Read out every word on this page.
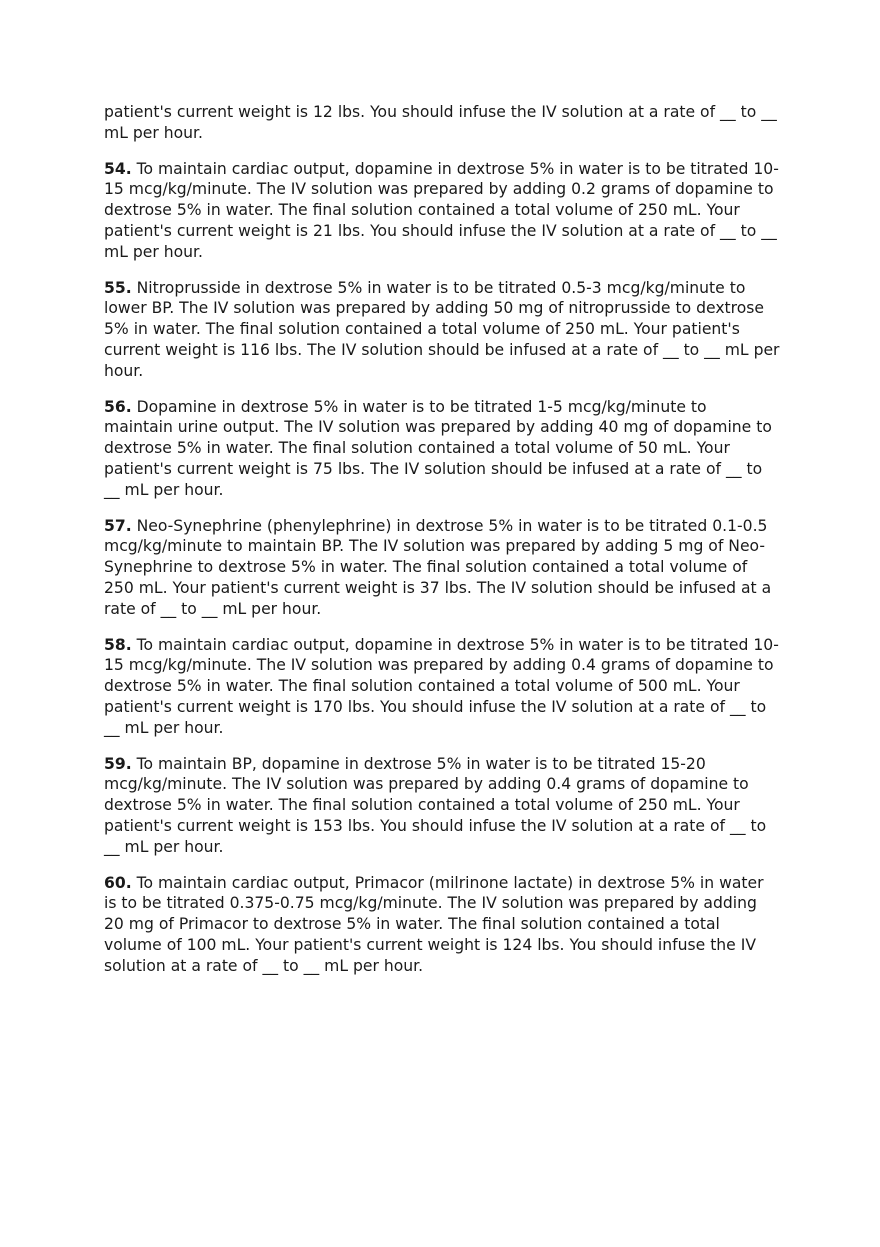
patient's current weight is 12 lbs. You should infuse the IV solution at a rate of __ to __ mL per hour.

54. To maintain cardiac output, dopamine in dextrose 5% in water is to be titrated 10-15 mcg/kg/minute. The IV solution was prepared by adding 0.2 grams of dopamine to dextrose 5% in water. The final solution contained a total volume of 250 mL. Your patient's current weight is 21 lbs. You should infuse the IV solution at a rate of __ to __ mL per hour.

55. Nitroprusside in dextrose 5% in water is to be titrated 0.5-3 mcg/kg/minute to lower BP. The IV solution was prepared by adding 50 mg of nitroprusside to dextrose 5% in water. The final solution contained a total volume of 250 mL. Your patient's current weight is 116 lbs. The IV solution should be infused at a rate of __ to __ mL per hour.

56. Dopamine in dextrose 5% in water is to be titrated 1-5 mcg/kg/minute to maintain urine output. The IV solution was prepared by adding 40 mg of dopamine to dextrose 5% in water. The final solution contained a total volume of 50 mL. Your patient's current weight is 75 lbs. The IV solution should be infused at a rate of __ to __ mL per hour.

57. Neo-Synephrine (phenylephrine) in dextrose 5% in water is to be titrated 0.1-0.5 mcg/kg/minute to maintain BP. The IV solution was prepared by adding 5 mg of Neo-Synephrine to dextrose 5% in water. The final solution contained a total volume of 250 mL. Your patient's current weight is 37 lbs. The IV solution should be infused at a rate of __ to __ mL per hour.

58. To maintain cardiac output, dopamine in dextrose 5% in water is to be titrated 10-15 mcg/kg/minute. The IV solution was prepared by adding 0.4 grams of dopamine to dextrose 5% in water. The final solution contained a total volume of 500 mL. Your patient's current weight is 170 lbs. You should infuse the IV solution at a rate of __ to __ mL per hour.

59. To maintain BP, dopamine in dextrose 5% in water is to be titrated 15-20 mcg/kg/minute. The IV solution was prepared by adding 0.4 grams of dopamine to dextrose 5% in water. The final solution contained a total volume of 250 mL. Your patient's current weight is 153 lbs. You should infuse the IV solution at a rate of __ to __ mL per hour.

60. To maintain cardiac output, Primacor (milrinone lactate) in dextrose 5% in water is to be titrated 0.375-0.75 mcg/kg/minute. The IV solution was prepared by adding 20 mg of Primacor to dextrose 5% in water. The final solution contained a total volume of 100 mL. Your patient's current weight is 124 lbs. You should infuse the IV solution at a rate of __ to __ mL per hour.
